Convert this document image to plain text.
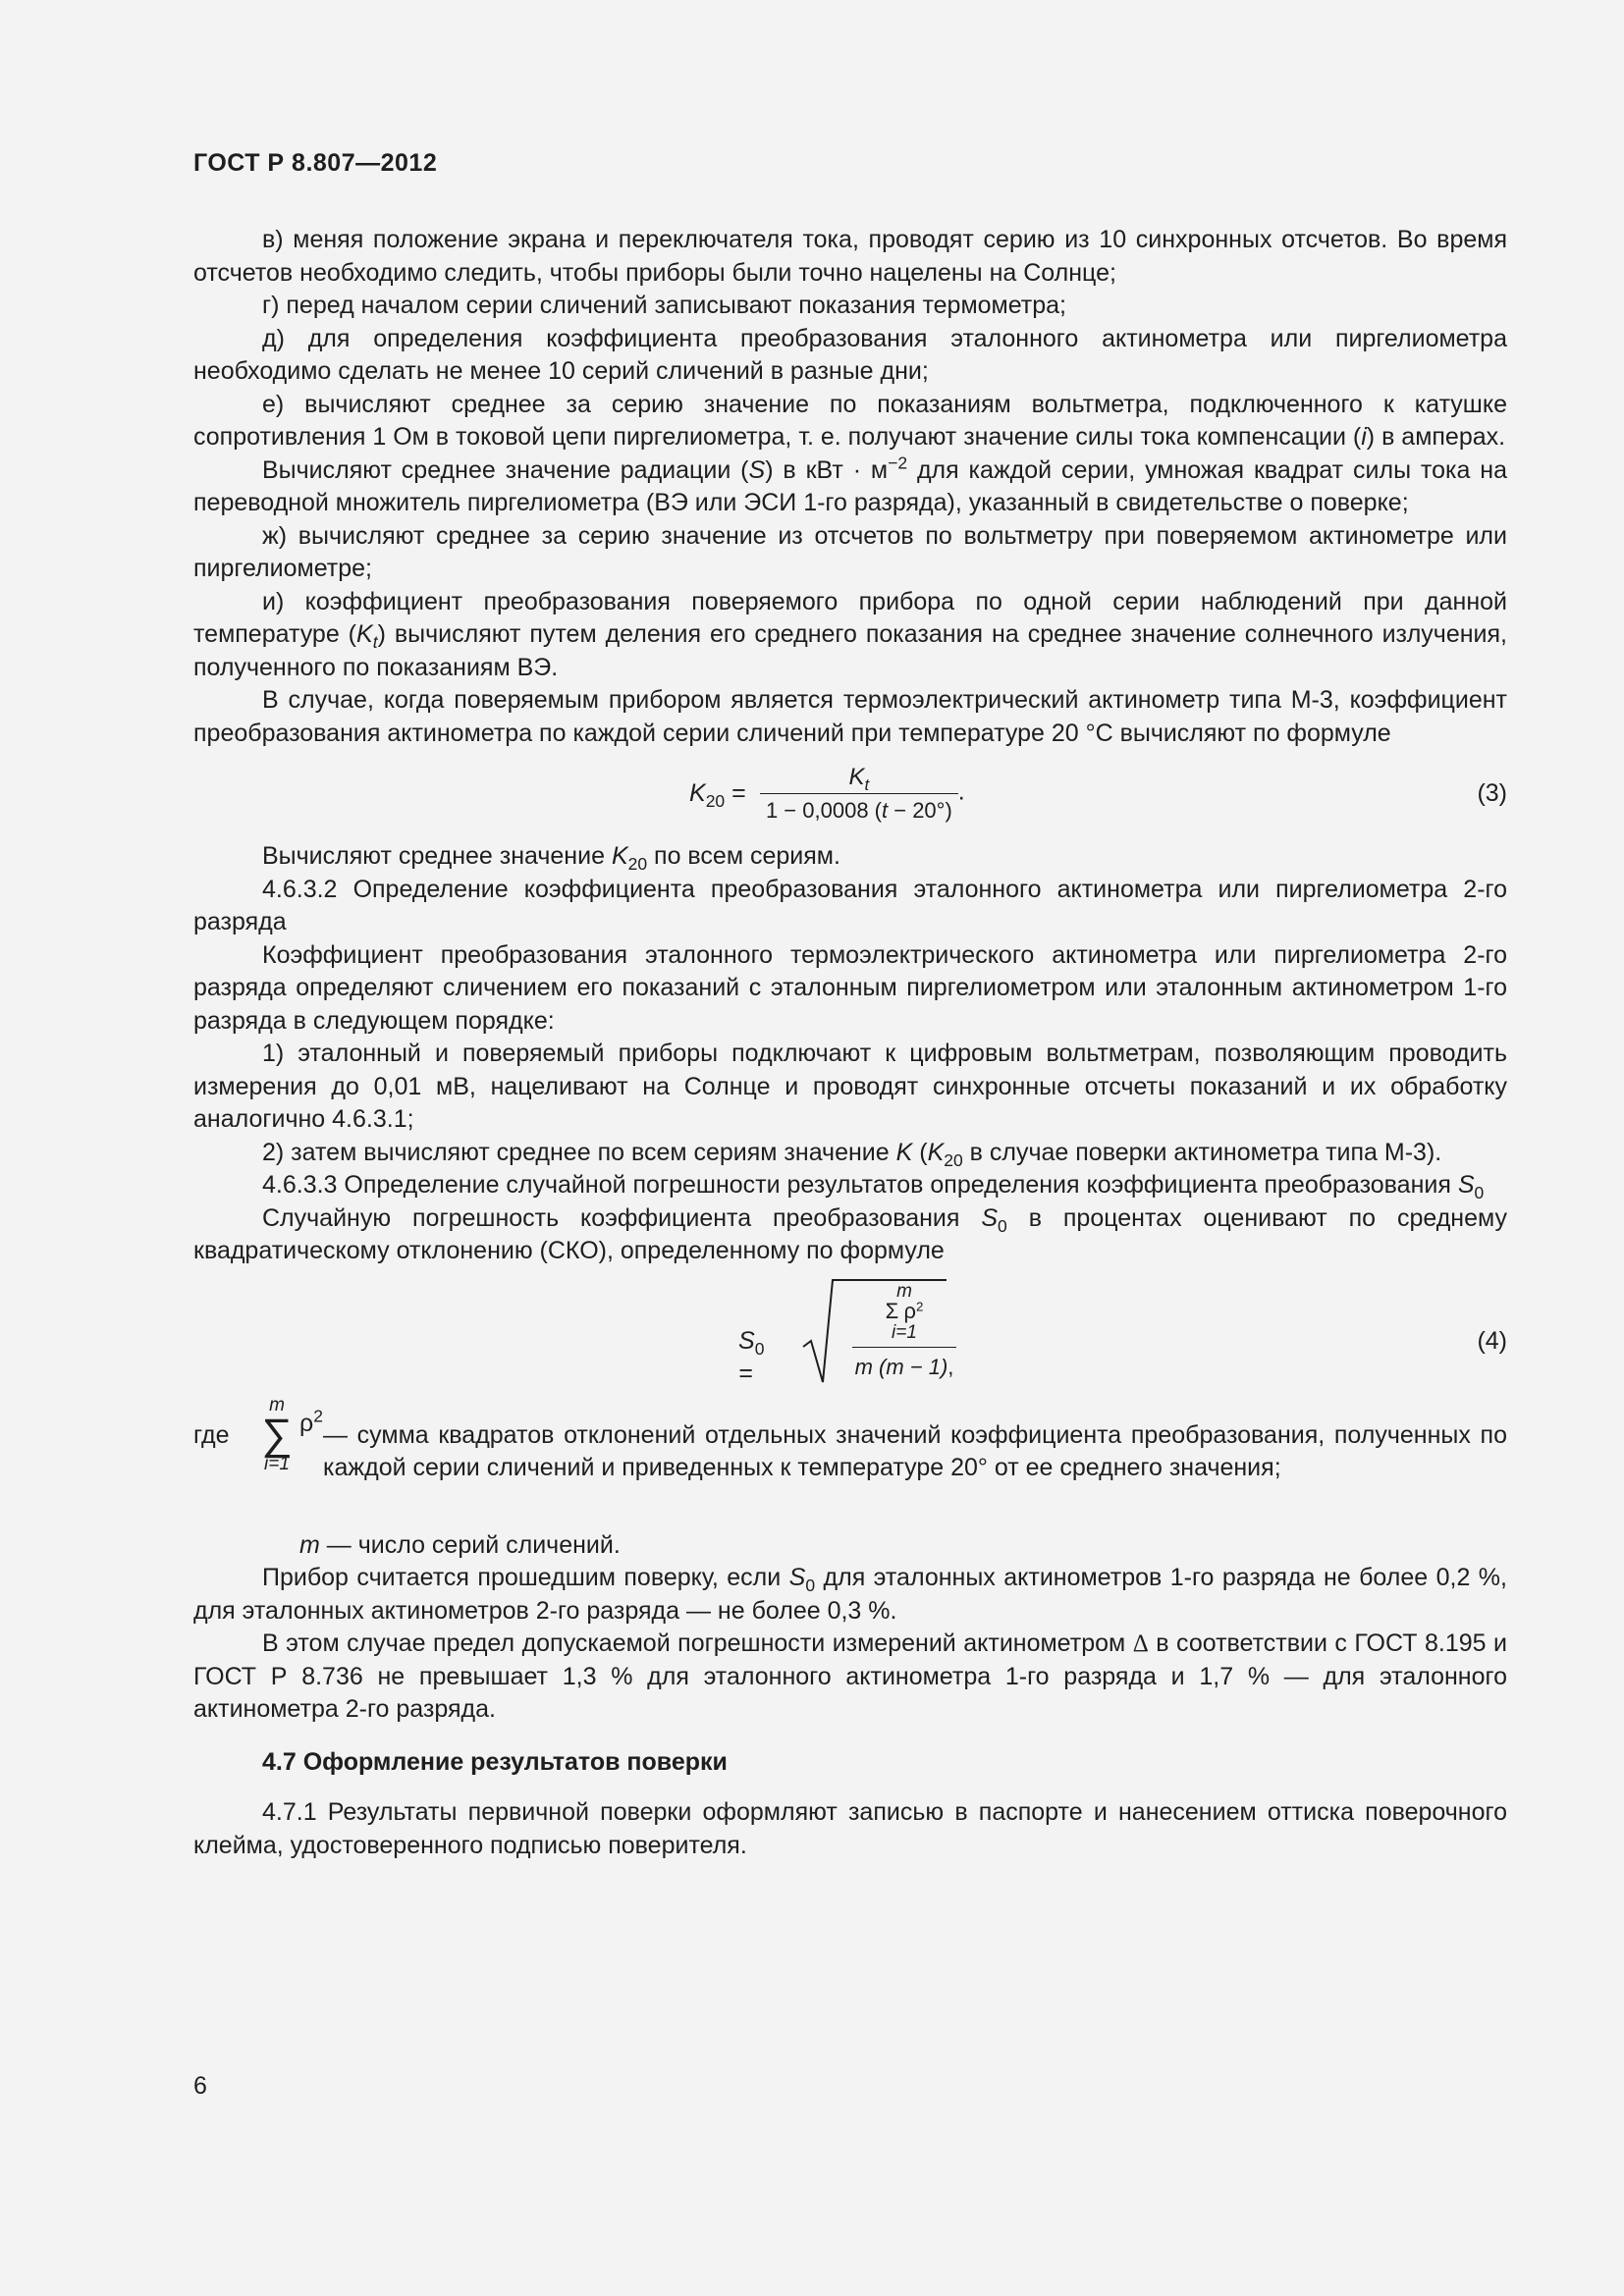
ГОСТ Р 8.807—2012

в) меняя положение экрана и переключателя тока, проводят серию из 10 синхронных отсчетов. Во время отсчетов необходимо следить, чтобы приборы были точно нацелены на Солнце;

г) перед началом серии сличений записывают показания термометра;

д) для определения коэффициента преобразования эталонного актинометра или пиргелиометра необходимо сделать не менее 10 серий сличений в разные дни;

е) вычисляют среднее за серию значение по показаниям вольтметра, подключенного к катушке сопротивления 1 Ом в токовой цепи пиргелиометра, т. е. получают значение силы тока компенсации (i) в амперах.

Вычисляют среднее значение радиации (S) в кВт · $м^{-2}$ для каждой серии, умножая квадрат силы тока на переводной множитель пиргелиометра (ВЭ или ЭСИ 1-го разряда), указанный в свидетельстве о поверке;

ж) вычисляют среднее за серию значение из отсчетов по вольтметру при поверяемом актинометре или пиргелиометре;

и) коэффициент преобразования поверяемого прибора по одной серии наблюдений при данной температуре $(K_t)$ вычисляют путем деления его среднего показания на среднее значение солнечного излучения, полученного по показаниям ВЭ.

В случае, когда поверяемым прибором является термоэлектрический актинометр типа М-3, коэффициент преобразования актинометра по каждой серии сличений при температуре 20 °С вычисляют по формуле

$K_{20} = \frac{K_t}{1 - 0,0008 (t - 20^\circ)}$ .	(3)

Вычисляют среднее значение $K_{20}$ по всем сериям.

4.6.3.2 Определение коэффициента преобразования эталонного актинометра или пиргелиометра 2-го разряда

Коэффициент преобразования эталонного термоэлектрического актинометра или пиргелиометра 2-го разряда определяют сличением его показаний с эталонным пиргелиометром или эталонным актинометром 1-го разряда в следующем порядке:

1) эталонный и поверяемый приборы подключают к цифровым вольтметрам, позволяющим проводить измерения до 0,01 мВ, нацеливают на Солнце и проводят синхронные отсчеты показаний и их обработку аналогично 4.6.3.1;

2) затем вычисляют среднее по всем сериям значение K ($K_{20}$ в случае поверки актинометра типа М-3).

4.6.3.3 Определение случайной погрешности результатов определения коэффициента преобразования $S_0$

Случайную погрешность коэффициента преобразования $S_0$ в процентах оценивают по среднему квадратическому отклонению (СКО), определенному по формуле

$S_0$ =
m
Σ $\rho^2$
i=1
m (m − 1),
(4)
где
m
∑
i=1
$\rho^2$
— сумма квадратов отклонений отдельных значений коэффициента преобразования, полученных по каждой серии сличений и приведенных к температуре 20° от ее среднего значения;

m — число серий сличений.

Прибор считается прошедшим поверку, если $S_0$ для эталонных актинометров 1-го разряда не более 0,2 %, для эталонных актинометров 2-го разряда — не более 0,3 %.

В этом случае предел допускаемой погрешности измерений актинометром Δ в соответствии с ГОСТ 8.195 и ГОСТ Р 8.736 не превышает 1,3 % для эталонного актинометра 1-го разряда и 1,7 % — для эталонного актинометра 2-го разряда.

4.7 Оформление результатов поверки

4.7.1 Результаты первичной поверки оформляют записью в паспорте и нанесением оттиска поверочного клейма, удостоверенного подписью поверителя.

6
